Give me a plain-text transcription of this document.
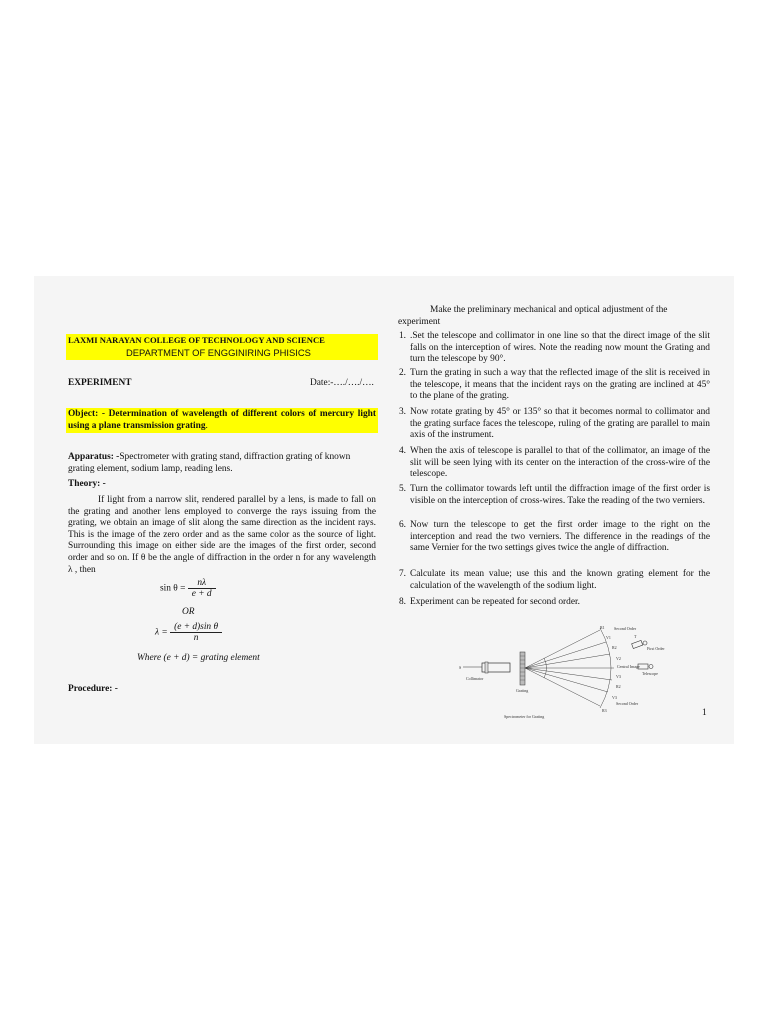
LAXMI NARAYAN COLLEGE OF TECHNOLOGY AND SCIENCE
DEPARTMENT OF ENGGINIRING PHISICS
EXPERIMENT	Date:-…./…./….
Object: - Determination of wavelength of different colors of mercury light using a plane transmission grating.
Apparatus: -Spectrometer with grating stand, diffraction grating of known grating element, sodium lamp, reading lens.
Theory: -
If light from a narrow slit, rendered parallel by a lens, is made to fall on the grating and another lens employed to converge the rays issuing from the grating, we obtain an image of slit along the same direction as the incident rays. This is the image of the zero order and as the same color as the source of light. Surrounding this image on either side are the images of the first order, second order and so on. If θ be the angle of diffraction in the order n for any wavelength λ , then
$\sin \theta = \frac{n\lambda}{e + d}$
OR
$\lambda = \frac{\text{(e + d)sin θ}}{n}$
Where (e + d) = grating element
Procedure: -
Make the preliminary mechanical and optical adjustment of the experiment
1. .Set the telescope and collimator in one line so that the direct image of the slit falls on the interception of wires. Note the reading now mount the Grating and turn the telescope by 90°.
2. Turn the grating in such a way that the reflected image of the slit is received in the telescope, it means that the incident rays on the grating are inclined at 45° to the plane of the grating.
3. Now rotate grating by 45° or 135° so that it becomes normal to collimator and the grating surface faces the telescope, ruling of the grating are parallel to main axis of the instrument.
4. When the axis of telescope is parallel to that of the collimator, an image of the slit will be seen lying with its center on the interaction of the cross-wire of the telescope.
5. Turn the collimator towards left until the diffraction image of the first order is visible on the interception of cross-wires. Take the reading of the two verniers.
6. Now turn the telescope to get the first order image to the right on the interception and read the two verniers. The difference in the readings of the same Vernier for the two settings gives twice the angle of diffraction.
7. Calculate its mean value; use this and the known grating element for the calculation of the wavelength of the sodium light.
8. Experiment can be repeated for second order.
S
Collimator
Grating
R1 Second Order
V1	T
R2	First Order
V2
Central Image
Telescope
V3
R2
V3
Second Order
R3
Spectrometer for Grating	1
